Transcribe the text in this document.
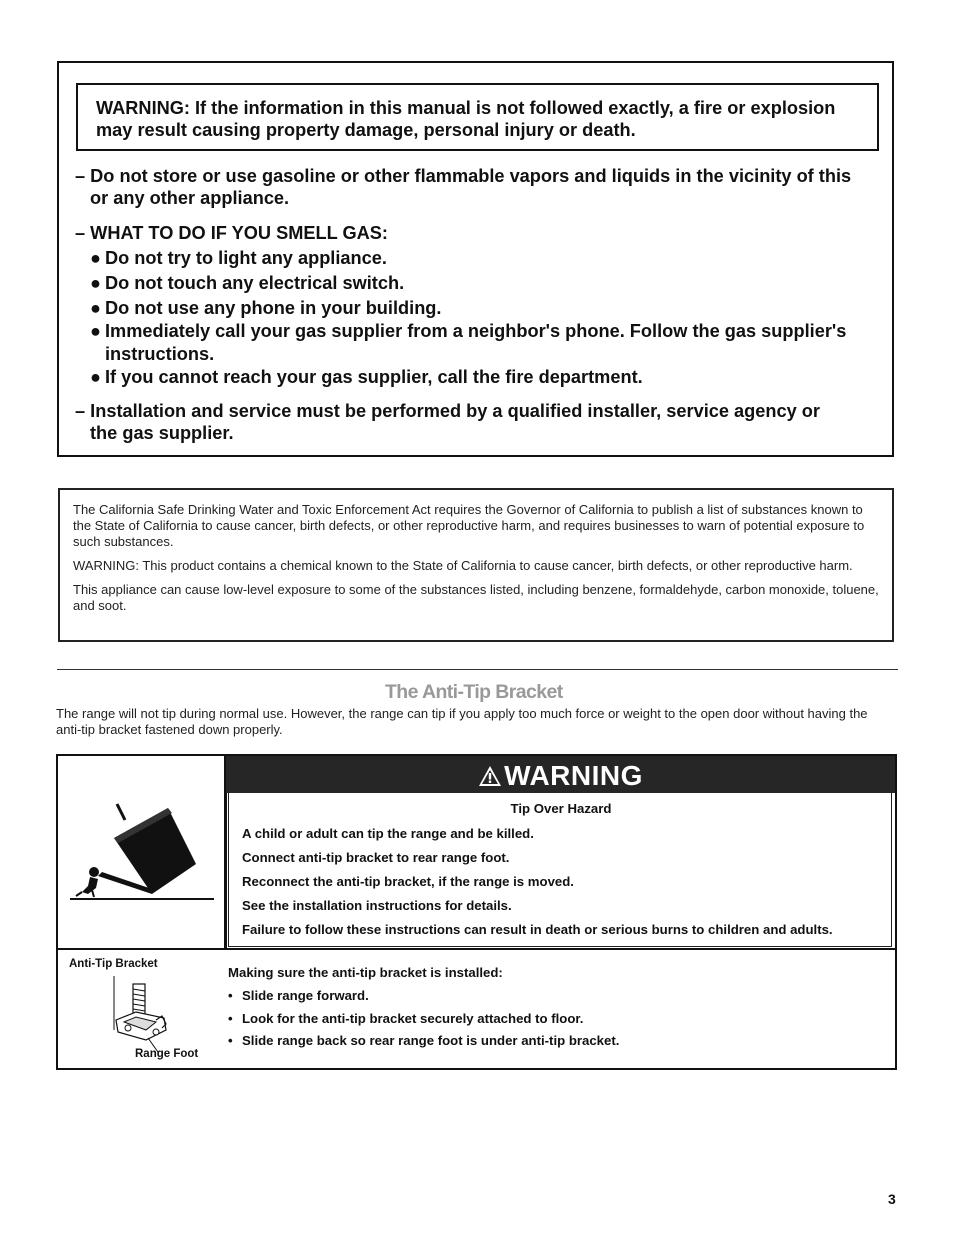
WARNING: If the information in this manual is not followed exactly, a fire or explosion
may result causing property damage, personal injury or death.
– Do not store or use gasoline or other flammable vapors and liquids in the vicinity of this
or any other appliance.
– WHAT TO DO IF YOU SMELL GAS:
● Do not try to light any appliance.
● Do not touch any electrical switch.
● Do not use any phone in your building.
● Immediately call your gas supplier from a neighbor's phone. Follow the gas supplier's
instructions.
● If you cannot reach your gas supplier, call the fire department.
– Installation and service must be performed by a qualified installer, service agency or
the gas supplier.

The California Safe Drinking Water and Toxic Enforcement Act requires the Governor of California to publish a list of substances known to the State of California to cause cancer, birth defects, or other reproductive harm, and requires businesses to warn of potential exposure to such substances.

WARNING: This product contains a chemical known to the State of California to cause cancer, birth defects, or other reproductive harm.

This appliance can cause low-level exposure to some of the substances listed, including benzene, formaldehyde, carbon monoxide, toluene, and soot.

The Anti-Tip Bracket
The range will not tip during normal use. However, the range can tip if you apply too much force or weight to the open door without having the anti-tip bracket fastened down properly.
WARNING
Tip Over Hazard
A child or adult can tip the range and be killed.
Connect anti-tip bracket to rear range foot.
Reconnect the anti-tip bracket, if the range is moved.
See the installation instructions for details.
Failure to follow these instructions can result in death or serious burns to children and adults.
Anti-Tip Bracket
Range Foot
Making sure the anti-tip bracket is installed:
• Slide range forward.
• Look for the anti-tip bracket securely attached to floor.
• Slide range back so rear range foot is under anti-tip bracket.
3
